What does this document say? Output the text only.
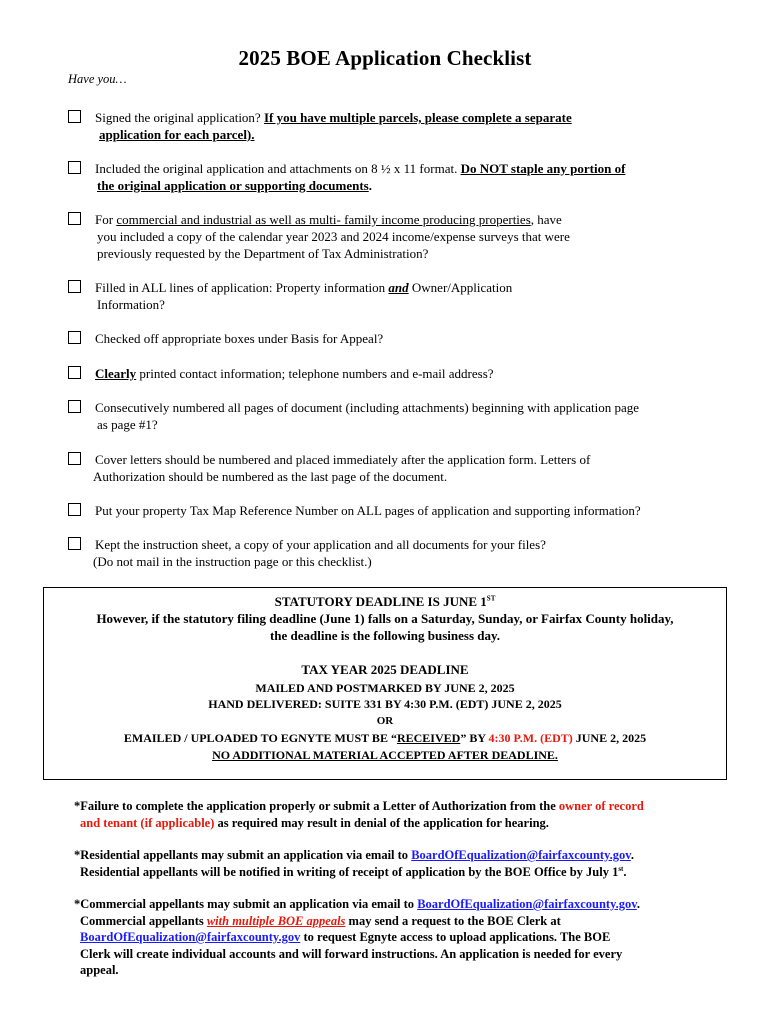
2025 BOE Application Checklist
Have you…
Signed the original application? If you have multiple parcels, please complete a separate
application for each parcel).
Included the original application and attachments on 8 ½ x 11 format. Do NOT staple any portion of
the original application or supporting documents.
For commercial and industrial as well as multi- family income producing properties, have
you included a copy of the calendar year 2023 and 2024 income/expense surveys that were
previously requested by the Department of Tax Administration?
Filled in ALL lines of application: Property information and Owner/Application
Information?
Checked off appropriate boxes under Basis for Appeal?
Clearly printed contact information; telephone numbers and e-mail address?
Consecutively numbered all pages of document (including attachments) beginning with application page
as page #1?
Cover letters should be numbered and placed immediately after the application form. Letters of
Authorization should be numbered as the last page of the document.
Put your property Tax Map Reference Number on ALL pages of application and supporting information?
Kept the instruction sheet, a copy of your application and all documents for your files?
(Do not mail in the instruction page or this checklist.)
STATUTORY DEADLINE IS JUNE 1ST
However, if the statutory filing deadline (June 1) falls on a Saturday, Sunday, or Fairfax County holiday,
the deadline is the following business day.
TAX YEAR 2025 DEADLINE
MAILED AND POSTMARKED BY JUNE 2, 2025
HAND DELIVERED: SUITE 331 BY 4:30 P.M. (EDT) JUNE 2, 2025
OR
EMAILED / UPLOADED TO EGNYTE MUST BE “RECEIVED” BY 4:30 P.M. (EDT) JUNE 2, 2025
NO ADDITIONAL MATERIAL ACCEPTED AFTER DEADLINE.
*Failure to complete the application properly or submit a Letter of Authorization from the owner of record
and tenant (if applicable) as required may result in denial of the application for hearing.
*Residential appellants may submit an application via email to BoardOfEqualization@fairfaxcounty.gov.
Residential appellants will be notified in writing of receipt of application by the BOE Office by July 1st.
*Commercial appellants may submit an application via email to BoardOfEqualization@fairfaxcounty.gov.
Commercial appellants with multiple BOE appeals may send a request to the BOE Clerk at
BoardOfEqualization@fairfaxcounty.gov to request Egnyte access to upload applications. The BOE
Clerk will create individual accounts and will forward instructions. An application is needed for every
appeal.
